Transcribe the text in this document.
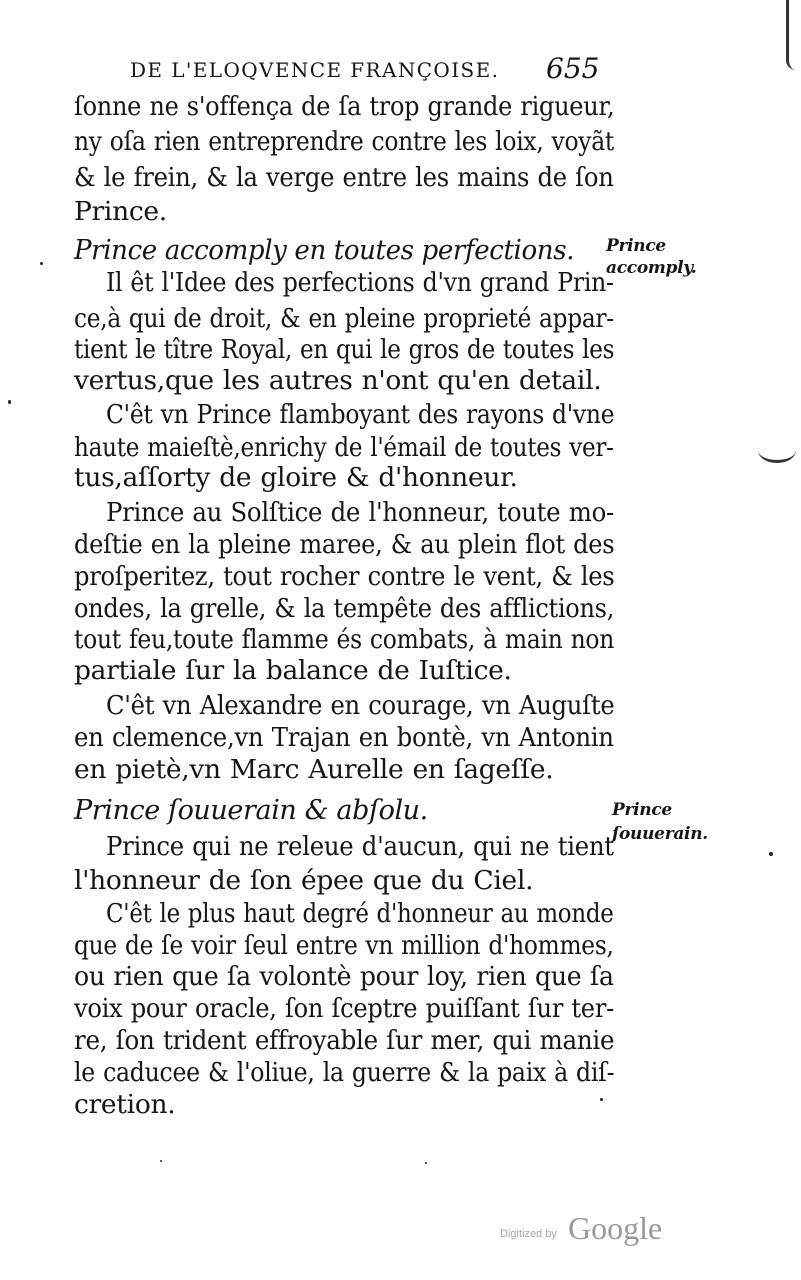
DE L'ELOQVENCE FRANÇOISE. 655
ſonne ne s'offença de ſa trop grande rigueur,
ny oſa rien entreprendre contre les loix, voyãt
& le frein, & la verge entre les mains de ſon
Prince.
Prince accomply en toutes perfections. Prince
accomply.
Il êt l'Idee des perfections d'vn grand Prin-
ce,à qui de droit, & en pleine proprieté appar-
tient le tître Royal, en qui le gros de toutes les
vertus,que les autres n'ont qu'en detail.
C'êt vn Prince flamboyant des rayons d'vne
haute maieſtè,enrichy de l'émail de toutes ver-
tus,aſſorty de gloire & d'honneur.
Prince au Solſtice de l'honneur, toute mo-
deſtie en la pleine maree, & au plein flot des
proſperitez, tout rocher contre le vent, & les
ondes, la grelle, & la tempête des afflictions,
tout feu,toute flamme és combats, à main non
partiale ſur la balance de Iuſtice.
C'êt vn Alexandre en courage, vn Auguſte
en clemence,vn Trajan en bontè, vn Antonin
en pietè,vn Marc Aurelle en ſageſſe.
Prince ſouuerain & abſolu.	Prince
ſouuerain.
Prince qui ne releue d'aucun, qui ne tient
l'honneur de ſon épee que du Ciel.
C'êt le plus haut degré d'honneur au monde
que de ſe voir ſeul entre vn million d'hommes,
ou rien que ſa volontè pour loy, rien que ſa
voix pour oracle, ſon ſceptre puiſſant ſur ter-
re, ſon trident effroyable ſur mer, qui manie
le caducee & l'oliue, la guerre & la paix à diſ-
cretion.
Digitized by Google
